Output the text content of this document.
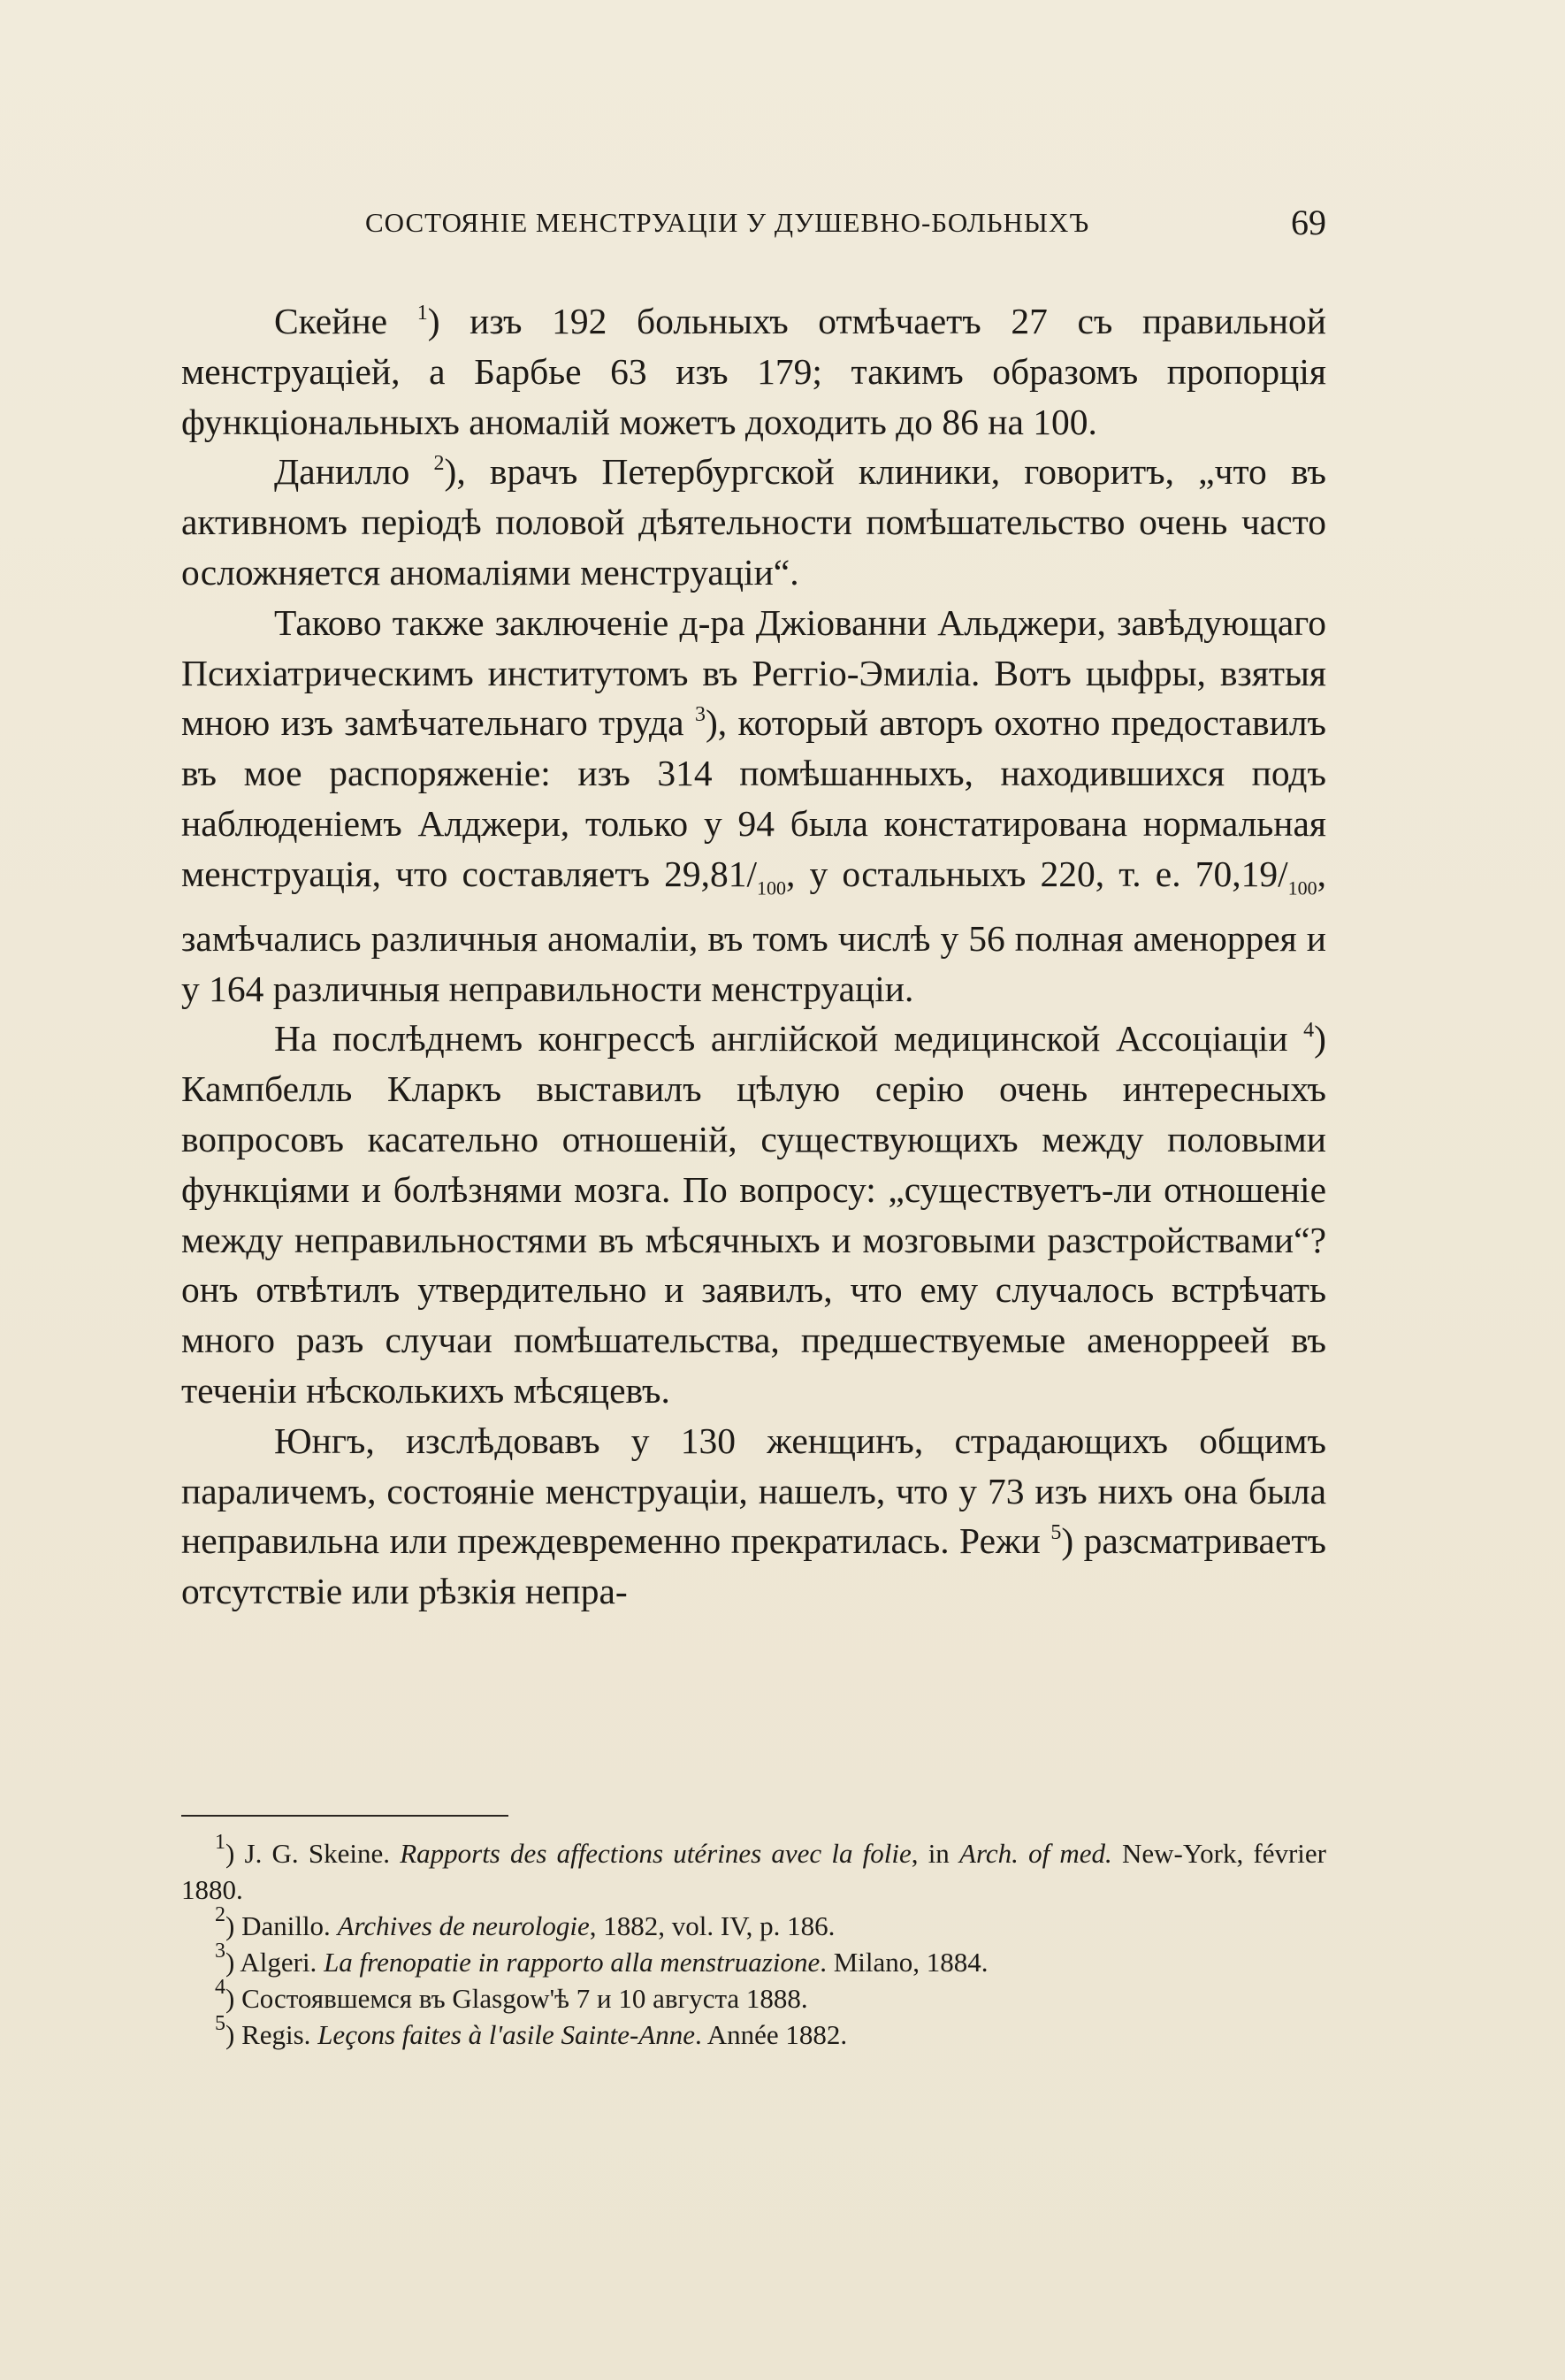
СОСТОЯНІЕ МЕНСТРУАЦІИ У ДУШЕВНО-БОЛЬНЫХЪ	69

Скейне $^1$) изъ 192 больныхъ отмѣчаетъ 27 съ правильной менструаціей, а Барбье 63 изъ 179; такимъ образомъ пропорція функціональныхъ аномалій можетъ доходить до 86 на 100.

Данилло $^2$), врачъ Петербургской клиники, говоритъ, „что въ активномъ періодѣ половой дѣятельности помѣшательство очень часто осложняется аномаліями менструаціи“.

Таково также заключеніе д-ра Джіованни Альджери, завѣдующаго Психіатрическимъ институтомъ въ Реггіо-Эмиліа. Вотъ цыфры, взятыя мною изъ замѣчательнаго труда $^3$), который авторъ охотно предоставилъ въ мое распоряженіе: изъ 314 помѣшанныхъ, находившихся подъ наблюденіемъ Алджери, только у 94 была констатирована нормальная менструація, что составляетъ $29,81/_{100}$, у остальныхъ 220, т. е. $70,19/_{100}$, замѣчались различныя аномаліи, въ томъ числѣ у 56 полная аменоррея и у 164 различныя неправильности менструаціи.

На послѣднемъ конгрессѣ англійской медицинской Ассоціаціи $^4$) Кампбелль Кларкъ выставилъ цѣлую серію очень интересныхъ вопросовъ касательно отношеній, существующихъ между половыми функціями и болѣзнями мозга. По вопросу: „существуетъ-ли отношеніе между неправильностями въ мѣсячныхъ и мозговыми разстройствами“? онъ отвѣтилъ утвердительно и заявилъ, что ему случалось встрѣчать много разъ случаи помѣшательства, предшествуемые аменорреей въ теченіи нѣсколькихъ мѣсяцевъ.

Юнгъ, изслѣдовавъ у 130 женщинъ, страдающихъ общимъ параличемъ, состояніе менструаціи, нашелъ, что у 73 изъ нихъ она была неправильна или преждевременно прекратилась. Режи $^5$) разсматриваетъ отсутствіе или рѣзкія непра-

$^1$) J. G. Skeine. Rapports des affections utérines avec la folie, in Arch. of med. New-York, février 1880.

$^2$) Danillo. Archives de neurologie, 1882, vol. IV, p. 186.

$^3$) Algeri. La frenopatie in rapporto alla menstruazione. Milano, 1884.

$^4$) Состоявшемся въ Glasgow'ѣ 7 и 10 августа 1888.

$^5$) Regis. Leçons faites à l'asile Sainte-Anne. Année 1882.
